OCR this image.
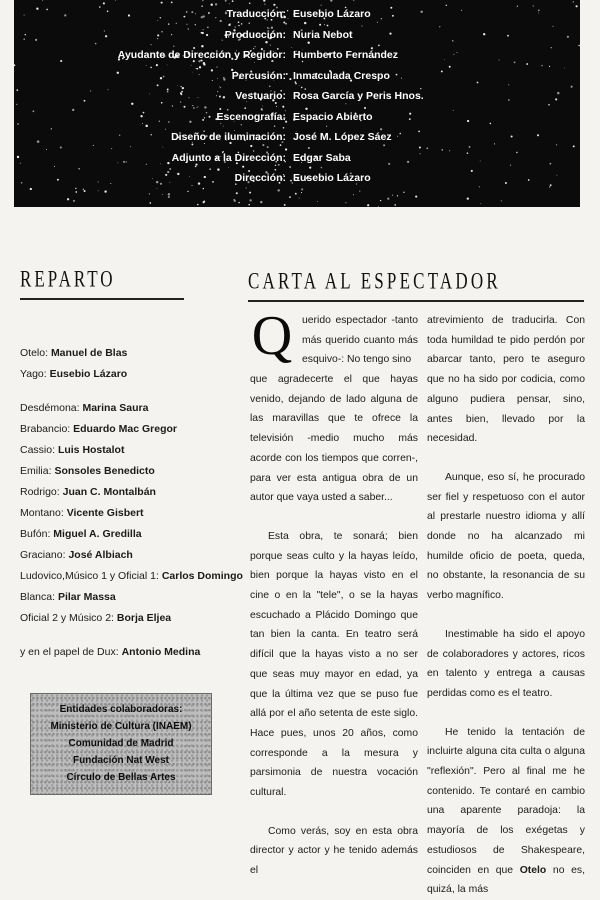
Traducción: Eusebio Lázaro
Producción: Nuria Nebot
Ayudante de Dirección y Regidor: Humberto Fernández
Percusión: Inmaculada Crespo
Vestuario: Rosa García y Peris Hnos.
Escenografía: Espacio Abierto
Diseño de iluminación: José M. López Sáez
Adjunto a la Dirección: Edgar Saba
Dirección: Eusebio Lázaro
REPARTO
Otelo: Manuel de Blas
Yago: Eusebio Lázaro
Desdémona: Marina Saura
Brabancio: Eduardo Mac Gregor
Cassio: Luis Hostalot
Emilia: Sonsoles Benedicto
Rodrigo: Juan C. Montalbán
Montano: Vicente Gisbert
Bufón: Miguel A. Gredilla
Graciano: José Albiach
Ludovico,Músico 1 y Oficial 1: Carlos Domingo
Blanca: Pilar Massa
Oficial 2 y Músico 2: Borja Eljea
y en el papel de Dux: Antonio Medina
Entidades colaboradoras:
Ministerio de Cultura (INAEM)
Comunidad de Madrid
Fundación Nat West
Círculo de Bellas Artes
CARTA AL ESPECTADOR
Q uerido espectador -tanto más querido cuanto más esquivo-: No tengo sino

que agradecerte el que hayas venido, dejando de lado alguna de las maravillas que te ofrece la televisión -medio mucho más acorde con los tiempos que corren-, para ver esta antigua obra de un autor que vaya usted a saber...

Esta obra, te sonará; bien porque seas culto y la hayas leído, bien porque la hayas visto en el cine o en la "tele", o se la hayas escuchado a Plácido Domingo que tan bien la canta. En teatro será difícil que la hayas visto a no ser que seas muy mayor en edad, ya que la última vez que se puso fue allá por el año setenta de este siglo. Hace pues, unos 20 años, como corresponde a la mesura y parsimonia de nuestra vocación cultural.

Como verás, soy en esta obra director y actor y he tenido además el

atrevimiento de traducirla. Con toda humildad te pido perdón por abarcar tanto, pero te aseguro que no ha sido por codicia, como alguno pudiera pensar, sino, antes bien, llevado por la necesidad.

Aunque, eso sí, he procurado ser fiel y respetuoso con el autor al prestarle nuestro idioma y allí donde no ha alcanzado mi humilde oficio de poeta, queda, no obstante, la resonancia de su verbo magnífico.

Inestimable ha sido el apoyo de colaboradores y actores, ricos en talento y entrega a causas perdidas como es el teatro.

He tenido la tentación de incluirte alguna cita culta o alguna "reflexión". Pero al final me he contenido. Te contaré en cambio una aparente paradoja: la mayoría de los exégetas y estudiosos de Shakespeare, coinciden en que Otelo no es, quizá, la más
